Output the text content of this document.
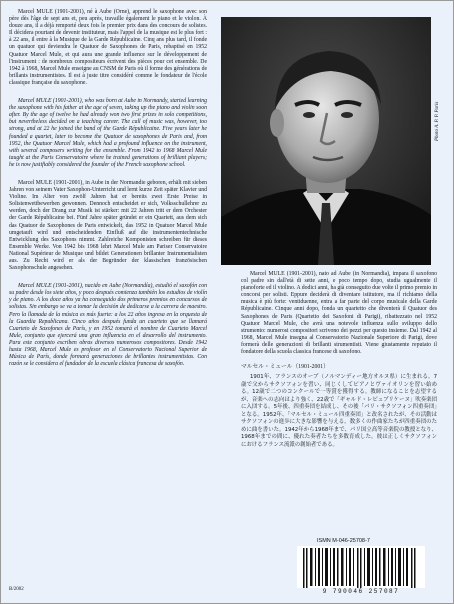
Marcel MULE (1901-2001), né à Aube (Orne), apprend le saxophone avec son père dès l'âge de sept ans et, peu après, travaille également le piano et le violon. À douze ans, il a déjà remporté deux fois le premier prix dans des concours de solistes. Il décidera pourtant de devenir instituteur, mais l'appel de la musique est le plus fort : à 22 ans, il entre à la Musique de la Garde Républicaine. Cinq ans plus tard, il fonde un quatuor qui deviendra le Quatuor de Saxophones de Paris, rebaptisé en 1952 Quatuor Marcel Mule, et qui aura une grande influence sur le développement de l'instrument : de nombreux compositeurs écrivent des pièces pour cet ensemble. De 1942 à 1968, Marcel Mule enseigne au CNSM de Paris où il forme des générations de brillants instrumentistes. Il est à juste titre considéré comme le fondateur de l'école classique française du saxophone.

Marcel MULE (1901-2001), who was born at Aube in Normandy, started learning the saxophone with his father at the age of seven, taking up the piano and violin soon after. By the age of twelve he had already won two first prizes in solo competitions, but nevertheless decided on a teaching career. The call of music was, however, too strong, and at 22 he joined the band of the Garde Républicaine. Five years later he founded a quartet, later to become the Quatuor de saxophones de Paris and, from 1952, the Quatuor Marcel Mule, which had a profound influence on the instrument, with several composers writing for the ensemble. From 1942 to 1968 Marcel Mule taught at the Paris Conservatoire where he trained generations of brilliant players; he is now justifiably considered the founder of the French saxophone school.

Marcel MULE (1901-2001), in Aube in der Normandie geboren, erhält mit sieben Jahren von seinem Vater Saxophon-Unterricht und lernt kurze Zeit später Klavier und Violine. Im Alter von zwölf Jahren hat er bereits zwei Erste Preise in Solistenwettbewerben gewonnen. Dennoch entscheidet er sich, Volksschullehrer zu werden, doch der Drang zur Musik ist stärker: mit 22 Jahren tritt er dem Orchester der Garde Républicaine bei. Fünf Jahre später gründet er ein Quartett, aus dem sich das Quatuor de Saxophones de Paris entwickelt, das 1952 in Quatuor Marcel Mule umgetauft wird und entscheidenden Einfluß auf die instrumententechnische Entwicklung des Saxophons nimmt. Zahlreiche Komponisten schreiben für dieses Ensemble Werke. Von 1942 bis 1968 lehrt Marcel Mule am Pariser Conservatoire National Supérieur de Musique und bildet Generationen brillanter Instrumentalisten aus. Zu Recht wird er als der Begründer der klassischen französischen Saxophonschule angesehen.

Marcel MULE (1901-2001), nacido en Aube (Normandía), estudió el saxofón con su padre desde los siete años, y poco después comienza también los estudios de violín y de piano. A los doce años ya ha conseguido dos primeros premios en concursos de solistas. Sin embargo se va a tomar la decisión de dedicarse a la carrera de maestro. Pero la llamada de la música es más fuerte: a los 22 años ingresa en la orquesta de la Guardia Republicana. Cinco años después funda un cuarteto que se llamará Cuarteto de Saxofones de París, y en 1952 tomará el nombre de Cuarteto Marcel Mule, conjunto que ejercerá una gran influencia en el desarrollo del instrumento. Para este conjunto escriben obras diversos numerosos compositores. Desde 1942 hasta 1968, Marcel Mule es profesor en el Conservatorio Nacional Superior de Música de París, donde formará generaciones de brillantes instrumentistas. Con razón se le considera el fundador de la escuela clásica francesa de saxofón.

Photo A. P. P. Paris

Marcel MULE (1901-2001), nato ad Aube (in Normandia), impara il saxofono col padre sin dall'età di sette anni, e poco tempo dopo, studia ugualmente il pianoforte ed il violino. A dodici anni, ha già conseguito due volte il primo premio in concorsi per solisti. Eppure deciderà di diventare istitutore, ma il richiamo della musica è più forte: ventiduenne, entra a far parte del corpo musicale della Garde Républicaine. Cinque anni dopo, fonda un quartetto che diventerà il Quatuor des Saxophones de Paris (Quartetto dei Saxofoni di Parigi), ribattezzato nel 1952 Quatuor Marcel Mule, che avrà una notevole influenza sullo sviluppo dello strumento: numerosi compositori scrivono dei pezzi per questo insieme. Dal 1942 al 1968, Marcel Mule insegna al Conservatorio Nazionale Superiore di Parigi, dove formerà delle generazioni di brillanti strumentisti. Viene giustamente reputato il fondatore della scuola classica francese di saxofono.

マルセル・ミュール（1901-2001）

1901年、フランスのオーブ（ノルマンディー地方オルヌ県）に生まれる。7歳で父からサクソフォンを習い、同じくしてピアノとヴァイオリンを習い始める。12歳で二つのコンクールで一等賞を獲得する。教師になることを志望するが、音楽への志向はより強く、22歳で「ギャルド・レピュブリケーヌ」吹奏楽団に入団する。5年後、四重奏団を結成し、その後「パリ・サクソフォン四重奏団」となる。1952年、「マルセル・ミュール四重奏団」と改名されたが、その活動はサクソフォンの進歩に大きな影響を与える。数多くの作曲家たちが四重奏団のために曲を書いた。1942年から1968年まで、パリ国立高等音楽院の教授となり、1968年までの間に、優れた奏者たちを多数育成した。彼は正しくサクソフォンにおけるフランス流派の創始者である。

B/2002

ISMN M-046-25708-7
9 790046 257087
